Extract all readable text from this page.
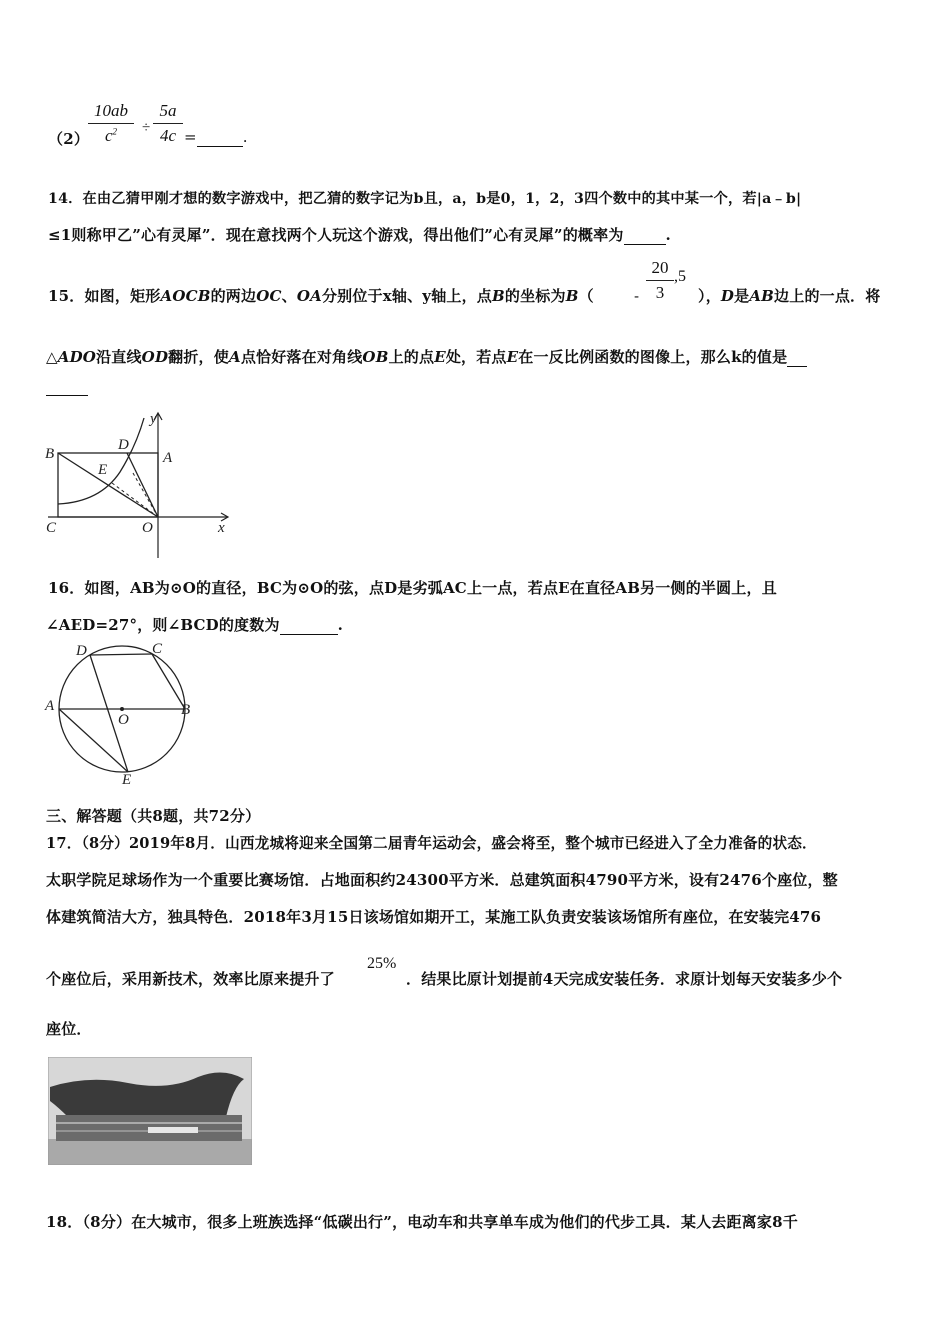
（2）
10ab
$c^2$	÷
5a
4c =	.
14．在由乙猜甲刚才想的数字游戏中，把乙猜的数字记为b且，a，b是0，1，2，3四个数中的其中某一个，若|a﹣b|
≤1则称甲乙”心有灵犀”．现在意找两个人玩这个游戏，得出他们”心有灵犀”的概率为	.
15．如图，矩形AOCB的两边OC、OA分别位于x轴、y轴上，点B的坐标为B（	-
20
3
,5
），D是AB边上的一点．将
△ADO沿直线OD翻折，使A点恰好落在对角线OB上的点E处，若点E在一反比例函数的图像上，那么k的值是
y
x
B	A
D
E
C	O
16．如图，AB为⊙O的直径，BC为⊙O的弦，点D是劣弧AC上一点，若点E在直径AB另一侧的半圆上，且
∠AED=27°，则∠BCD的度数为	.
D	C
A
O
B
E
三、解答题（共8题，共72分）
17．（8分）2019年8月．山西龙城将迎来全国第二届青年运动会，盛会将至，整个城市已经进入了全力准备的状态．
太职学院足球场作为一个重要比赛场馆．占地面积约24300平方米．总建筑面积4790平方米，设有2476个座位，整
体建筑简洁大方，独具特色．2018年3月15日该场馆如期开工，某施工队负责安装该场馆所有座位，在安装完476
个座位后，采用新技术，效率比原来提升了
25%
．结果比原计划提前4天完成安装任务．求原计划每天安装多少个
座位．
18．（8分）在大城市，很多上班族选择“低碳出行”，电动车和共享单车成为他们的代步工具．某人去距离家8千
